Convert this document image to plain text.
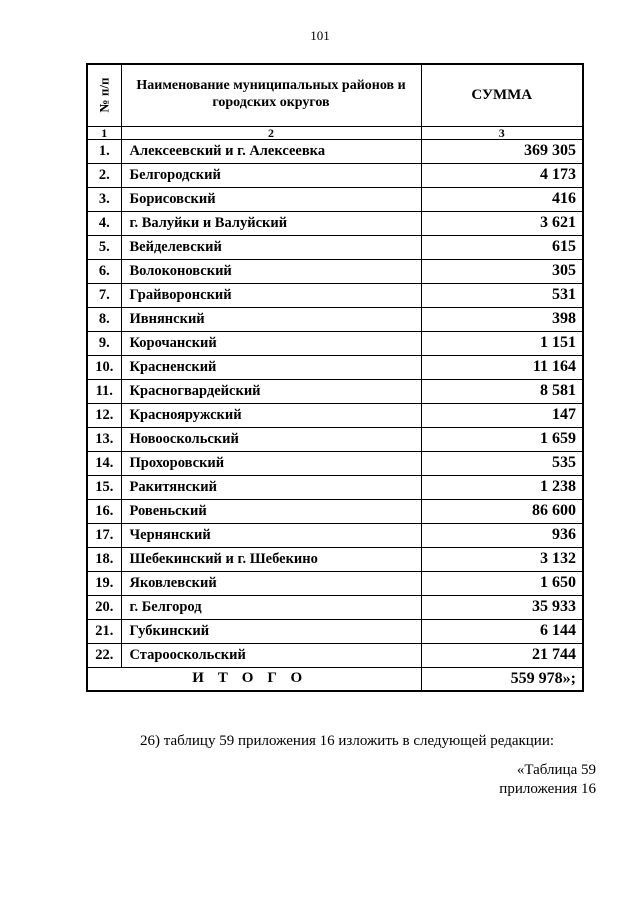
101
№ п/п	Наименование муниципальных районов и городских округов	СУММА
1	2	3
1.	Алексеевский и г. Алексеевка	369 305
2.	Белгородский	4 173
3.	Борисовский	416
4.	г. Валуйки и Валуйский	3 621
5.	Вейделевский	615
6.	Волоконовский	305
7.	Грайворонский	531
8.	Ивнянский	398
9.	Корочанский	1 151
10.	Красненский	11 164
11.	Красногвардейский	8 581
12.	Краснояружский	147
13.	Новооскольский	1 659
14.	Прохоровский	535
15.	Ракитянский	1 238
16.	Ровеньский	86 600
17.	Чернянский	936
18.	Шебекинский и г. Шебекино	3 132
19.	Яковлевский	1 650
20.	г. Белгород	35 933
21.	Губкинский	6 144
22.	Старооскольский	21 744
ИТОГО		559 978»;
26) таблицу 59 приложения 16 изложить в следующей редакции:
«Таблица 59
приложения 16
